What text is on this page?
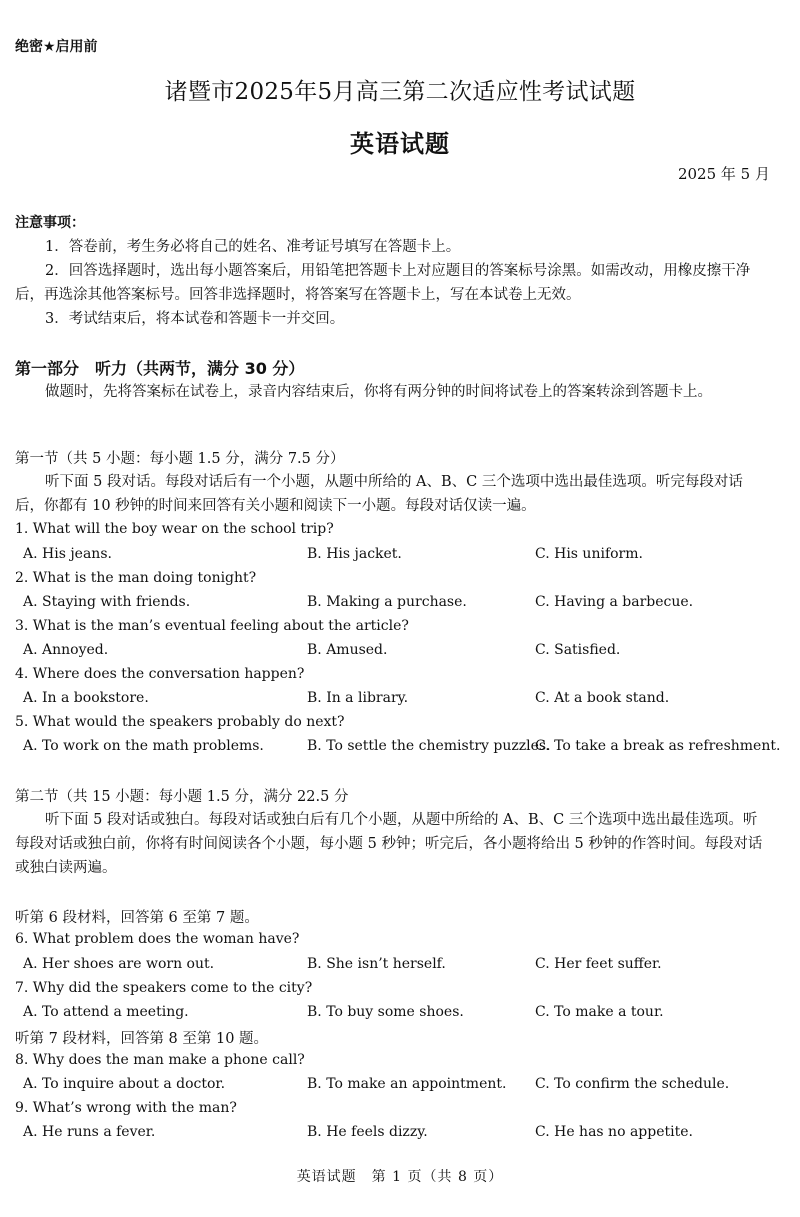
绝密★启用前
诸暨市2025年5月高三第二次适应性考试试题
英语试题
2025 年 5 月
注意事项：
1．答卷前，考生务必将自己的姓名、准考证号填写在答题卡上。
2．回答选择题时，选出每小题答案后，用铅笔把答题卡上对应题目的答案标号涂黑。如需改动，用橡皮擦干净后，再选涂其他答案标号。回答非选择题时，将答案写在答题卡上，写在本试卷上无效。
3．考试结束后，将本试卷和答题卡一并交回。
第一部分　听力（共两节，满分 30 分）
做题时，先将答案标在试卷上，录音内容结束后，你将有两分钟的时间将试卷上的答案转涂到答题卡上。
第一节（共 5 小题：每小题 1.5 分，满分 7.5 分）
听下面 5 段对话。每段对话后有一个小题，从题中所给的 A、B、C 三个选项中选出最佳选项。听完每段对话后，你都有 10 秒钟的时间来回答有关小题和阅读下一小题。每段对话仅读一遍。
1. What will the boy wear on the school trip?
A. His jeans.	B. His jacket.	C. His uniform.
2. What is the man doing tonight?
A. Staying with friends.	B. Making a purchase.	C. Having a barbecue.
3. What is the man’s eventual feeling about the article?
A. Annoyed.	B. Amused.	C. Satisfied.
4. Where does the conversation happen?
A. In a bookstore.	B. In a library.	C. At a book stand.
5. What would the speakers probably do next?
A. To work on the math problems.	B. To settle the chemistry puzzles.
C. To take a break as refreshment.
第二节（共 15 小题：每小题 1.5 分，满分 22.5 分
听下面 5 段对话或独白。每段对话或独白后有几个小题，从题中所给的 A、B、C 三个选项中选出最佳选项。听每段对话或独白前，你将有时间阅读各个小题，每小题 5 秒钟；听完后，各小题将给出 5 秒钟的作答时间。每段对话或独白读两遍。
听第 6 段材料，回答第 6 至第 7 题。
6. What problem does the woman have?
A. Her shoes are worn out.	B. She isn’t herself.	C. Her feet suffer.
7. Why did the speakers come to the city?
A. To attend a meeting.	B. To buy some shoes.	C. To make a tour.
听第 7 段材料，回答第 8 至第 10 题。
8. Why does the man make a phone call?
A. To inquire about a doctor.	B. To make an appointment. C. To confirm the schedule.
9. What’s wrong with the man?
A. He runs a fever.	B. He feels dizzy.	C. He has no appetite.
英语试题　第 1 页（共 8 页）
